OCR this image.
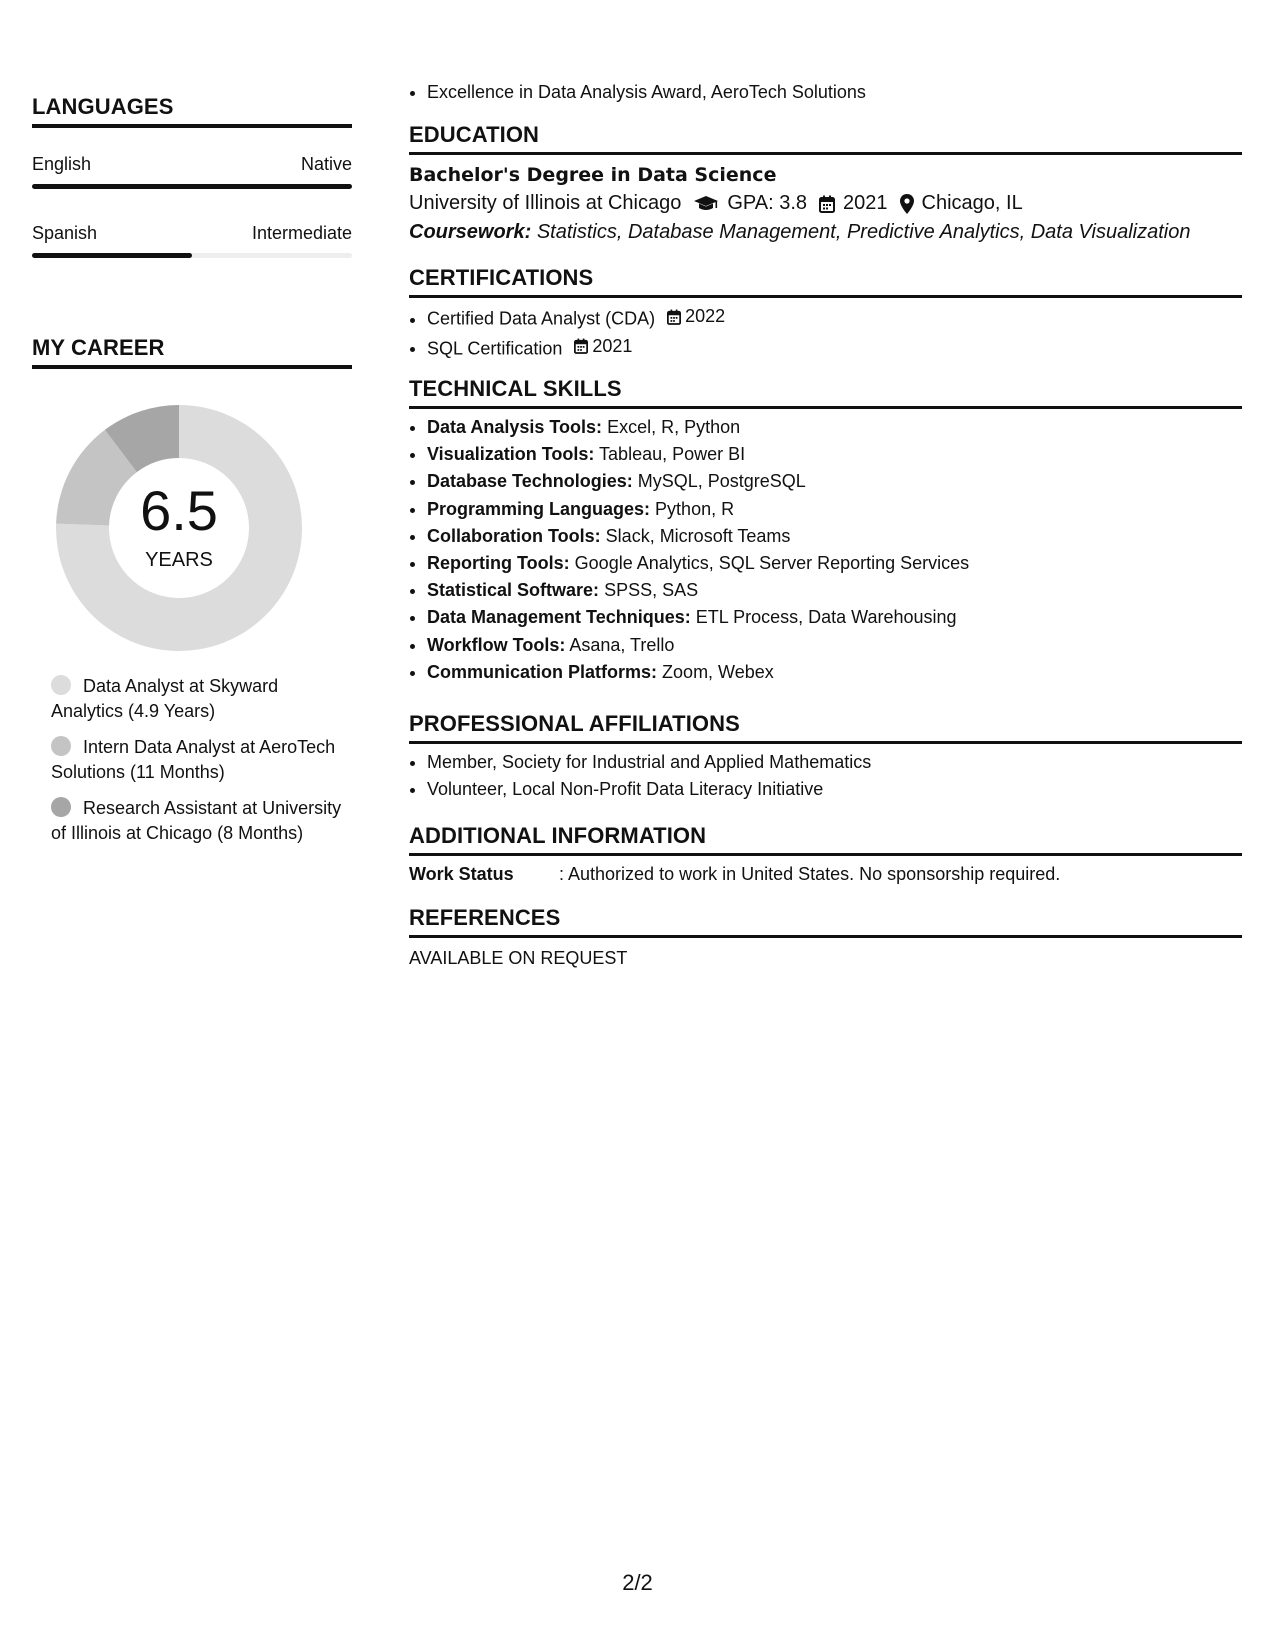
LANGUAGES
English	Native
Spanish	Intermediate
MY CAREER
6.5
YEARS
Data Analyst at Skyward Analytics (4.9 Years)
Intern Data Analyst at AeroTech Solutions (11 Months)
Research Assistant at University of Illinois at Chicago (8 Months)
• Excellence in Data Analysis Award, AeroTech Solutions
EDUCATION
Bachelor's Degree in Data Science
University of Illinois at Chicago GPA: 3.8 2021 Chicago, IL
Coursework: Statistics, Database Management, Predictive Analytics, Data Visualization
CERTIFICATIONS
• Certified Data Analyst (CDA) 2022
• SQL Certification 2021
TECHNICAL SKILLS
• Data Analysis Tools: Excel, R, Python
• Visualization Tools: Tableau, Power BI
• Database Technologies: MySQL, PostgreSQL
• Programming Languages: Python, R
• Collaboration Tools: Slack, Microsoft Teams
• Reporting Tools: Google Analytics, SQL Server Reporting Services
• Statistical Software: SPSS, SAS
• Data Management Techniques: ETL Process, Data Warehousing
• Workflow Tools: Asana, Trello
• Communication Platforms: Zoom, Webex
PROFESSIONAL AFFILIATIONS
• Member, Society for Industrial and Applied Mathematics
• Volunteer, Local Non-Profit Data Literacy Initiative
ADDITIONAL INFORMATION
Work Status	: Authorized to work in United States. No sponsorship required.
REFERENCES
AVAILABLE ON REQUEST
2/2
